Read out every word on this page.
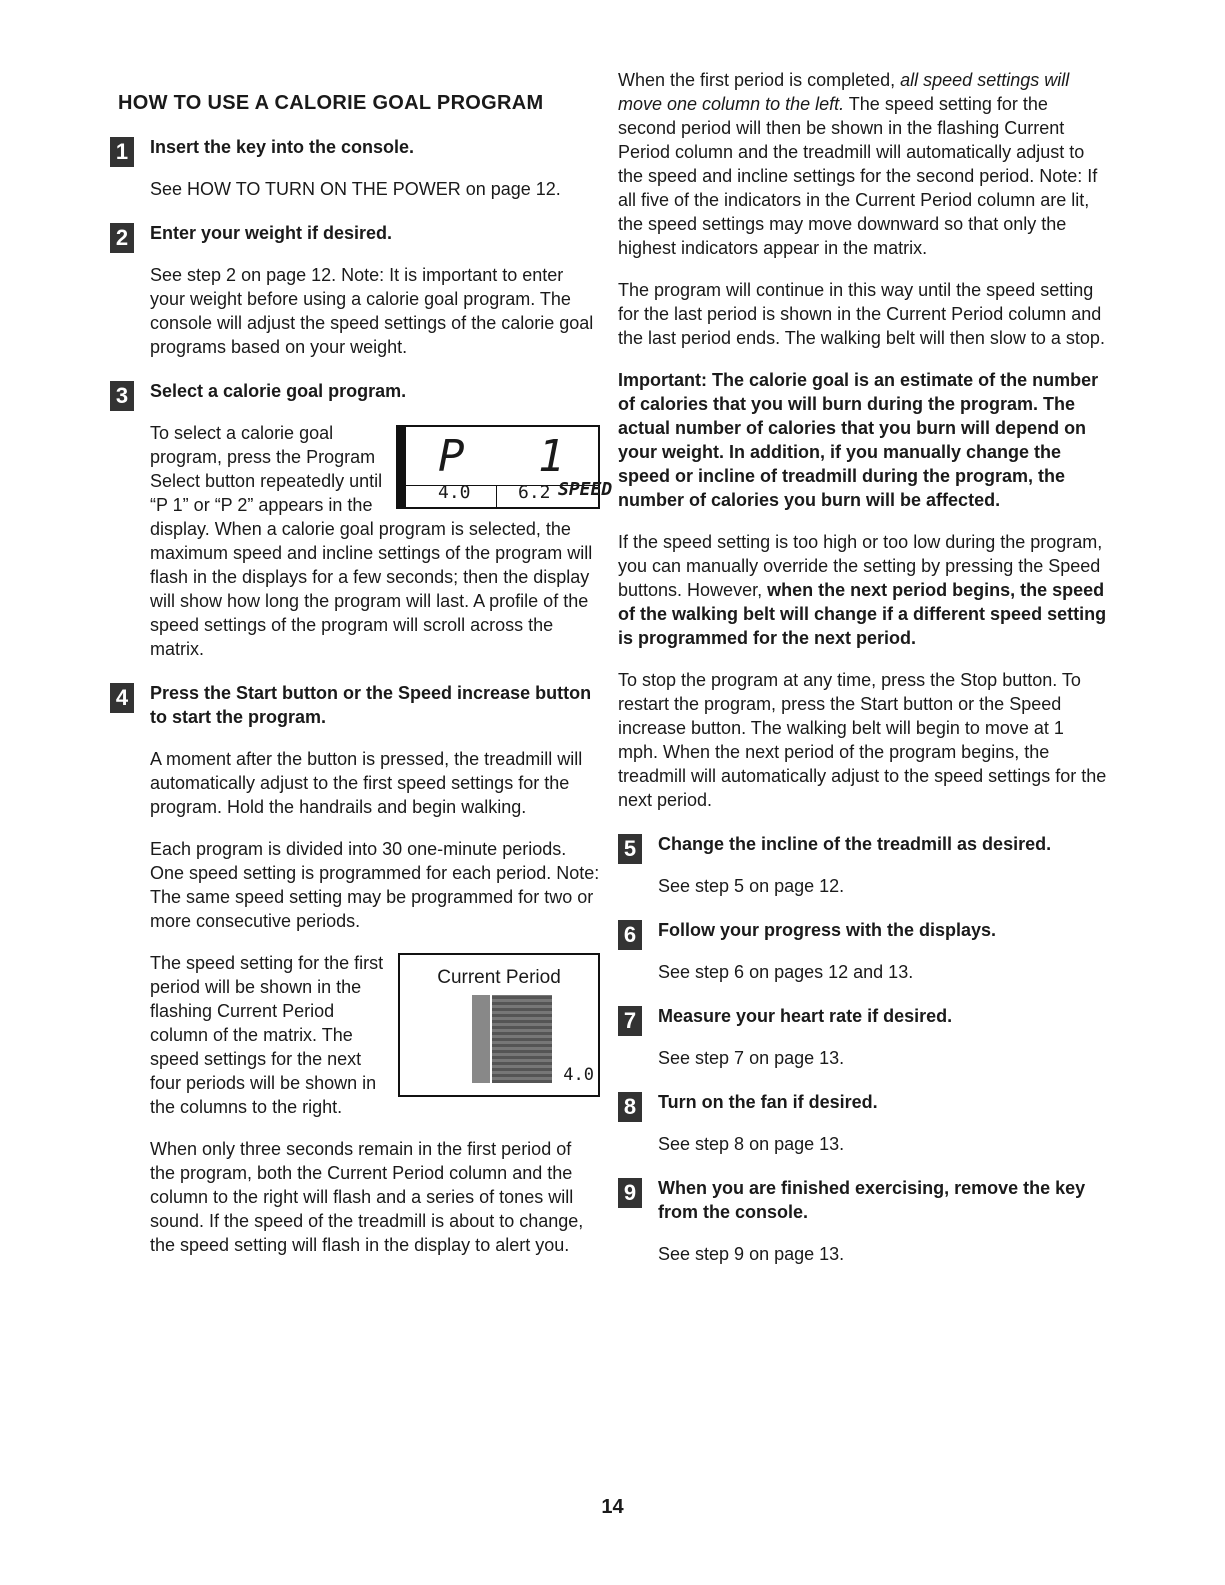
HOW TO USE A CALORIE GOAL PROGRAM
1	Insert the key into the console.

See HOW TO TURN ON THE POWER on page 12.

2	Enter your weight if desired.

See step 2 on page 12. Note: It is important to enter your weight before using a calorie goal program. The console will adjust the speed settings of the calorie goal programs based on your weight.

3	Select a calorie goal program.
P 1
4.0	6.2 SPEED

To select a calorie goal program, press the Program Select button repeatedly until “P 1” or “P 2” appears in the display. When a calorie goal program is selected, the maximum speed and incline settings of the program will flash in the displays for a few seconds; then the display will show how long the program will last. A profile of the speed settings of the program will scroll across the matrix.

4	Press the Start button or the Speed increase button to start the program.

A moment after the button is pressed, the treadmill will automatically adjust to the first speed settings for the program. Hold the handrails and begin walking.

Each program is divided into 30 one-minute periods. One speed setting is programmed for each period. Note: The same speed setting may be programmed for two or more consecutive periods.

Current Period
4.0

The speed setting for the first period will be shown in the flashing Current Period column of the matrix. The speed settings for the next four periods will be shown in the columns to the right.

When only three seconds remain in the first period of the program, both the Current Period column and the column to the right will flash and a series of tones will sound. If the speed of the treadmill is about to change, the speed setting will flash in the display to alert you.

When the first period is completed, all speed settings will move one column to the left. The speed setting for the second period will then be shown in the flashing Current Period column and the treadmill will automatically adjust to the speed and incline settings for the second period. Note: If all five of the indicators in the Current Period column are lit, the speed settings may move downward so that only the highest indicators appear in the matrix.

The program will continue in this way until the speed setting for the last period is shown in the Current Period column and the last period ends. The walking belt will then slow to a stop.

Important: The calorie goal is an estimate of the number of calories that you will burn during the program. The actual number of calories that you burn will depend on your weight. In addition, if you manually change the speed or incline of treadmill during the program, the number of calories you burn will be affected.

If the speed setting is too high or too low during the program, you can manually override the setting by pressing the Speed buttons. However, when the next period begins, the speed of the walking belt will change if a different speed setting is programmed for the next period.

To stop the program at any time, press the Stop button. To restart the program, press the Start button or the Speed increase button. The walking belt will begin to move at 1 mph. When the next period of the program begins, the treadmill will automatically adjust to the speed settings for the next period.

5	Change the incline of the treadmill as desired.

See step 5 on page 12.

6	Follow your progress with the displays.

See step 6 on pages 12 and 13.

7	Measure your heart rate if desired.

See step 7 on page 13.

8	Turn on the fan if desired.

See step 8 on page 13.

9	When you are finished exercising, remove the key from the console.

See step 9 on page 13.

14
